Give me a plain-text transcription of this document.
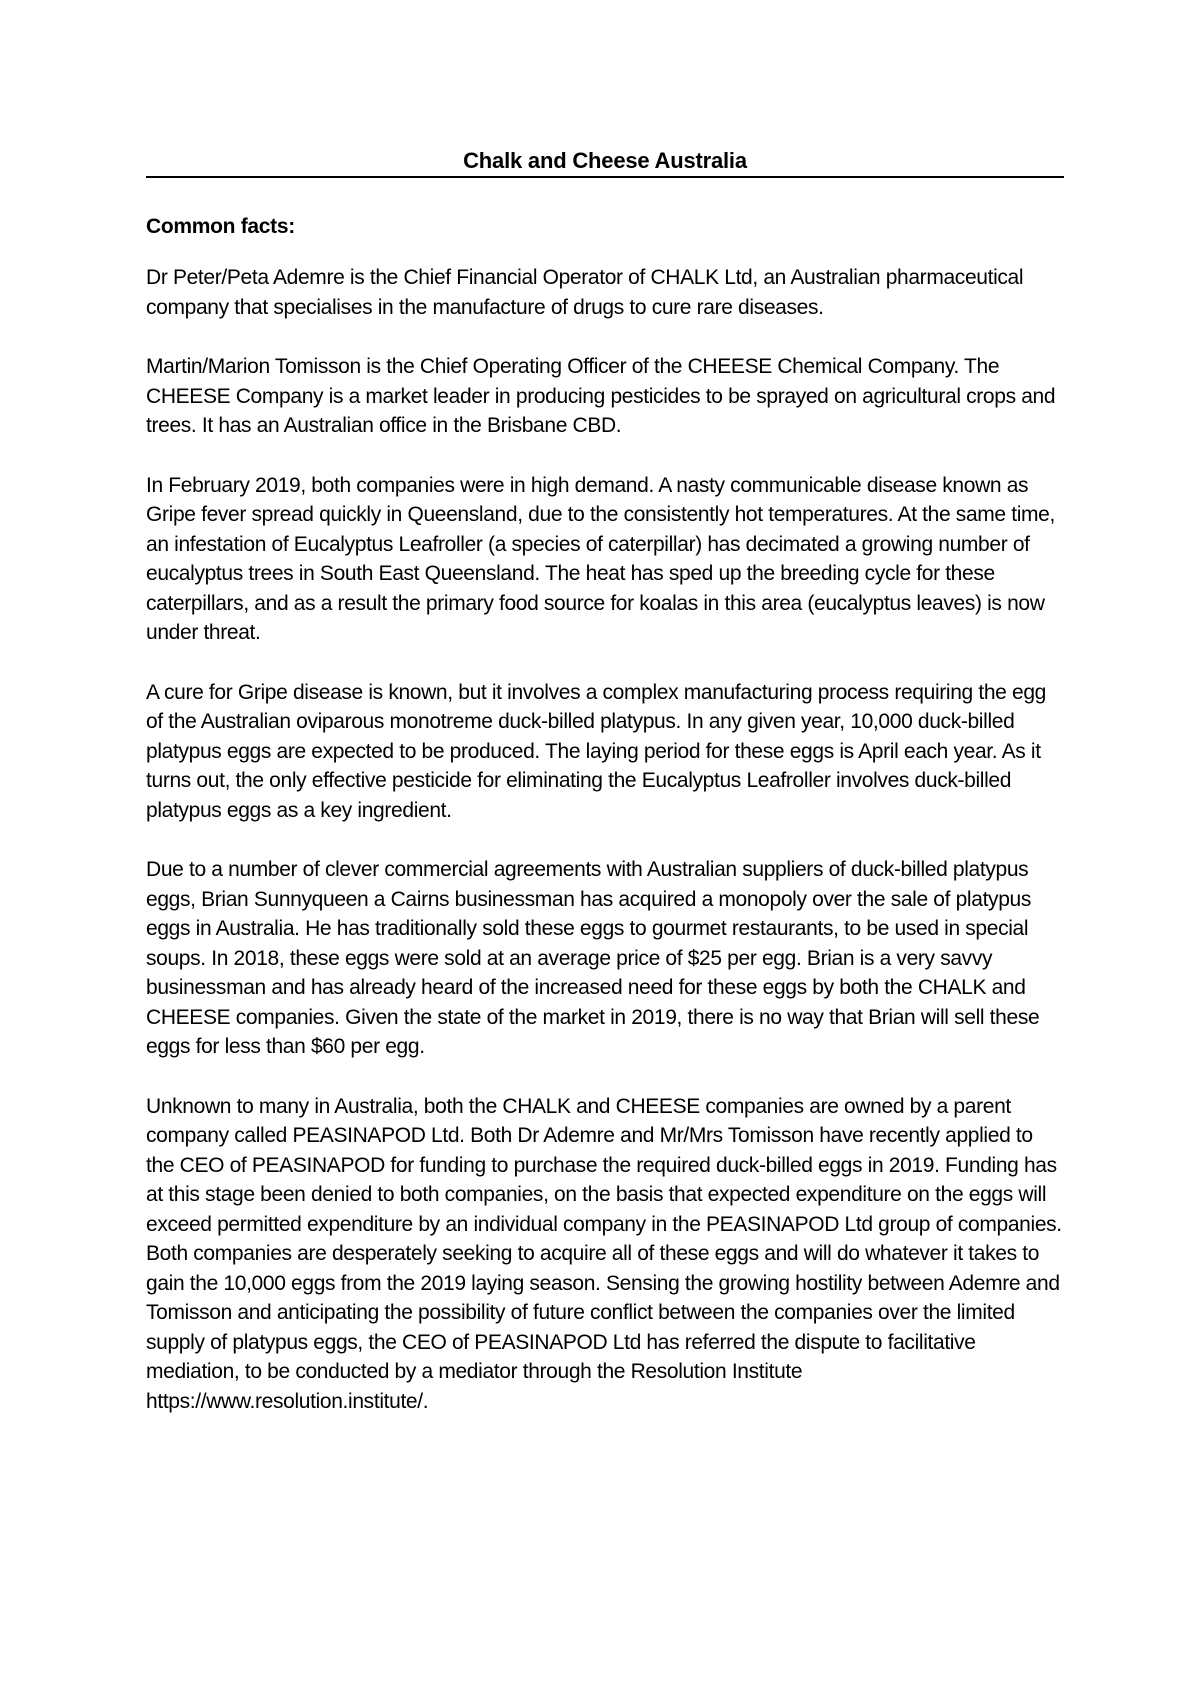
Chalk and Cheese Australia

Common facts:

Dr Peter/Peta Ademre is the Chief Financial Operator of CHALK Ltd, an Australian pharmaceutical company that specialises in the manufacture of drugs to cure rare diseases.

Martin/Marion Tomisson is the Chief Operating Officer of the CHEESE Chemical Company. The CHEESE Company is a market leader in producing pesticides to be sprayed on agricultural crops and trees. It has an Australian office in the Brisbane CBD.

In February 2019, both companies were in high demand. A nasty communicable disease known as Gripe fever spread quickly in Queensland, due to the consistently hot temperatures. At the same time, an infestation of Eucalyptus Leafroller (a species of caterpillar) has decimated a growing number of eucalyptus trees in South East Queensland. The heat has sped up the breeding cycle for these caterpillars, and as a result the primary food source for koalas in this area (eucalyptus leaves) is now under threat.

A cure for Gripe disease is known, but it involves a complex manufacturing process requiring the egg of the Australian oviparous monotreme duck-billed platypus. In any given year, 10,000 duck-billed platypus eggs are expected to be produced. The laying period for these eggs is April each year. As it turns out, the only effective pesticide for eliminating the Eucalyptus Leafroller involves duck-billed platypus eggs as a key ingredient.

Due to a number of clever commercial agreements with Australian suppliers of duck-billed platypus eggs, Brian Sunnyqueen a Cairns businessman has acquired a monopoly over the sale of platypus eggs in Australia. He has traditionally sold these eggs to gourmet restaurants, to be used in special soups. In 2018, these eggs were sold at an average price of $25 per egg. Brian is a very savvy businessman and has already heard of the increased need for these eggs by both the CHALK and CHEESE companies. Given the state of the market in 2019, there is no way that Brian will sell these eggs for less than $60 per egg.

Unknown to many in Australia, both the CHALK and CHEESE companies are owned by a parent company called PEASINAPOD Ltd. Both Dr Ademre and Mr/Mrs Tomisson have recently applied to the CEO of PEASINAPOD for funding to purchase the required duck-billed eggs in 2019. Funding has at this stage been denied to both companies, on the basis that expected expenditure on the eggs will exceed permitted expenditure by an individual company in the PEASINAPOD Ltd group of companies. Both companies are desperately seeking to acquire all of these eggs and will do whatever it takes to gain the 10,000 eggs from the 2019 laying season. Sensing the growing hostility between Ademre and Tomisson and anticipating the possibility of future conflict between the companies over the limited supply of platypus eggs, the CEO of PEASINAPOD Ltd has referred the dispute to facilitative mediation, to be conducted by a mediator through the Resolution Institute https://www.resolution.institute/.
